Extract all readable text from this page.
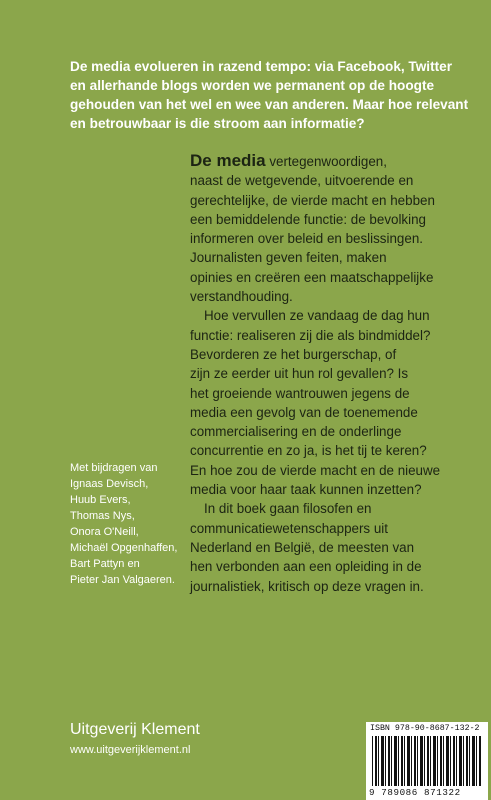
De media evolueren in razend tempo: via Facebook, Twitter
en allerhande blogs worden we permanent op de hoogte
gehouden van het wel en wee van anderen. Maar hoe relevant
en betrouwbaar is die stroom aan informatie?
De media vertegenwoordigen,
naast de wetgevende, uitvoerende en
gerechtelijke, de vierde macht en hebben
een bemiddelende functie: de bevolking
informeren over beleid en beslissingen.
Journalisten geven feiten, maken
opinies en creëren een maatschappelijke
verstandhouding.
Hoe vervullen ze vandaag de dag hun
functie: realiseren zij die als bindmiddel?
Bevorderen ze het burgerschap, of
zijn ze eerder uit hun rol gevallen? Is
het groeiende wantrouwen jegens de
media een gevolg van de toenemende
commercialisering en de onderlinge
concurrentie en zo ja, is het tij te keren?
En hoe zou de vierde macht en de nieuwe
media voor haar taak kunnen inzetten?
In dit boek gaan filosofen en
communicatiewetenschappers uit
Nederland en België, de meesten van
hen verbonden aan een opleiding in de
journalistiek, kritisch op deze vragen in.
Met bijdragen van
Ignaas Devisch,
Huub Evers,
Thomas Nys,
Onora O'Neill,
Michaël Opgenhaffen,
Bart Pattyn en
Pieter Jan Valgaeren.
Uitgeverij Klement
www.uitgeverijklement.nl
ISBN 978-90-8687-132-2
9 789086 871322
